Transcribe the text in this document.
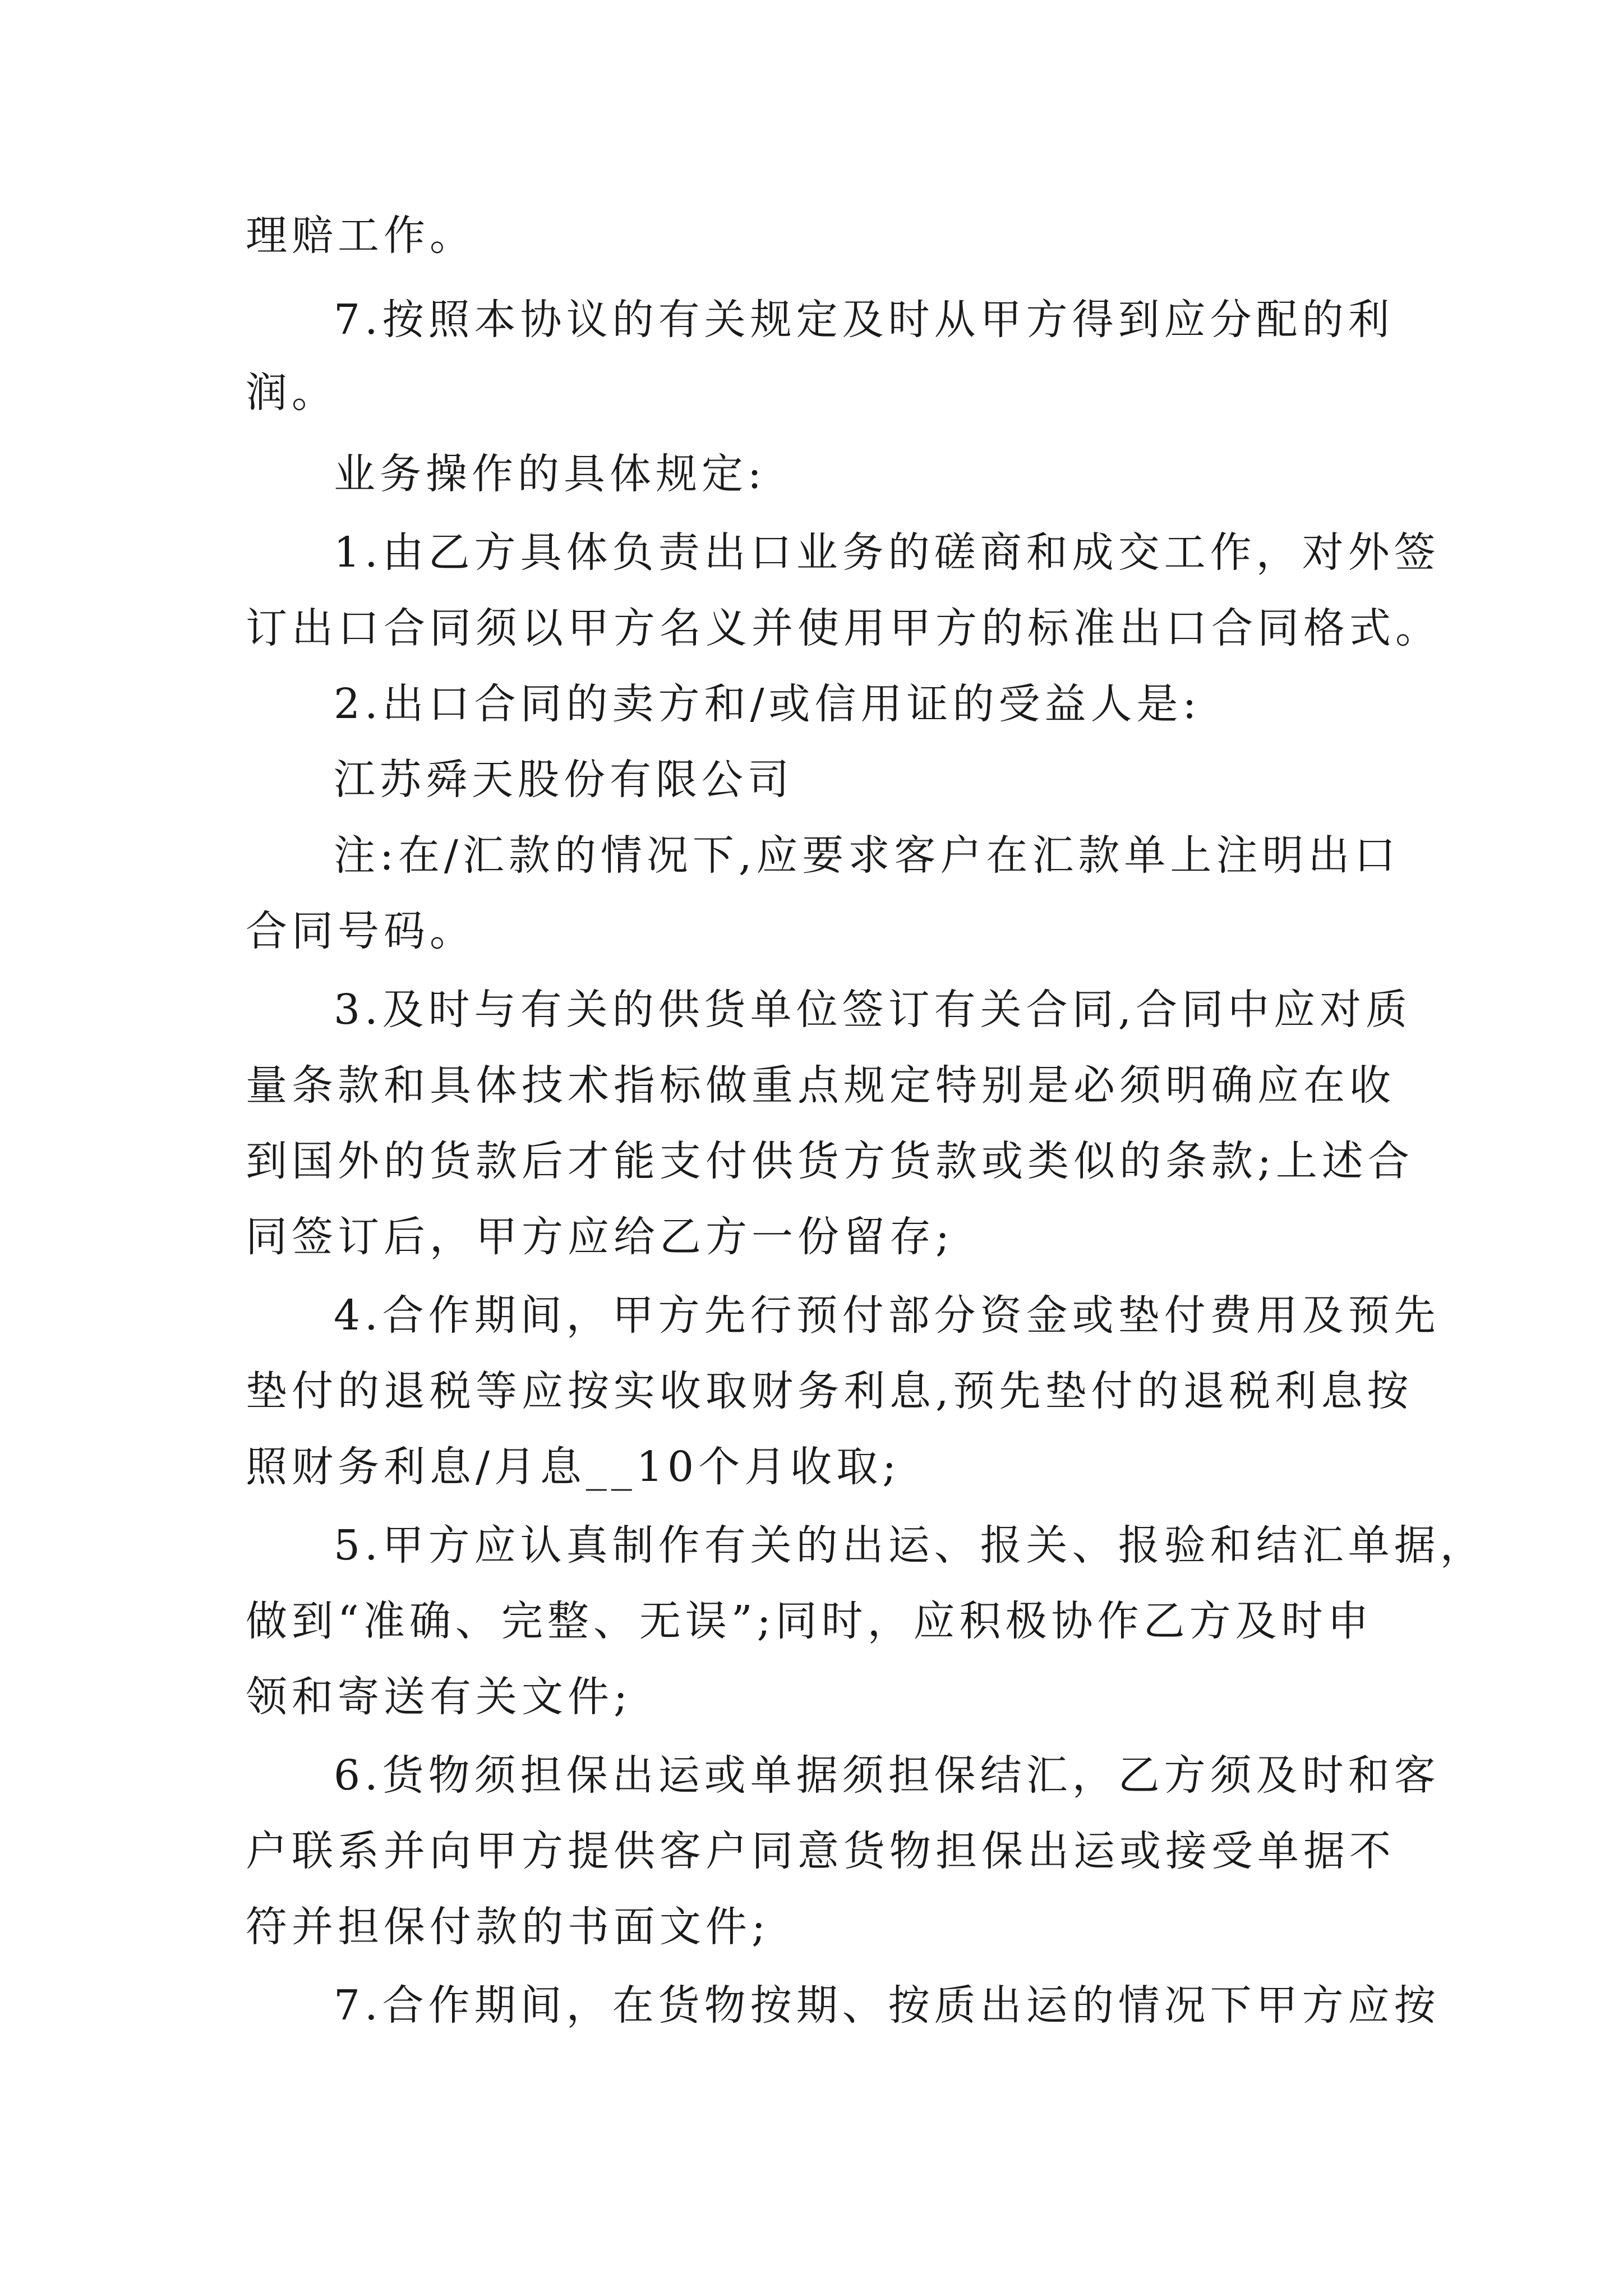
理赔工作。

7.按照本协议的有关规定及时从甲方得到应分配的利

润。

业务操作的具体规定:

1.由乙方具体负责出口业务的磋商和成交工作，对外签

订出口合同须以甲方名义并使用甲方的标准出口合同格式。

2.出口合同的卖方和/或信用证的受益人是:

江苏舜天股份有限公司

注:在/汇款的情况下,应要求客户在汇款单上注明出口

合同号码。

3.及时与有关的供货单位签订有关合同,合同中应对质

量条款和具体技术指标做重点规定特别是必须明确应在收

到国外的货款后才能支付供货方货款或类似的条款;上述合

同签订后，甲方应给乙方一份留存;

4.合作期间，甲方先行预付部分资金或垫付费用及预先

垫付的退税等应按实收取财务利息,预先垫付的退税利息按

照财务利息/月息__10个月收取;

5.甲方应认真制作有关的出运、报关、报验和结汇单据，

做到“准确、完整、无误”;同时，应积极协作乙方及时申

领和寄送有关文件;

6.货物须担保出运或单据须担保结汇，乙方须及时和客

户联系并向甲方提供客户同意货物担保出运或接受单据不

符并担保付款的书面文件;

7.合作期间，在货物按期、按质出运的情况下甲方应按
